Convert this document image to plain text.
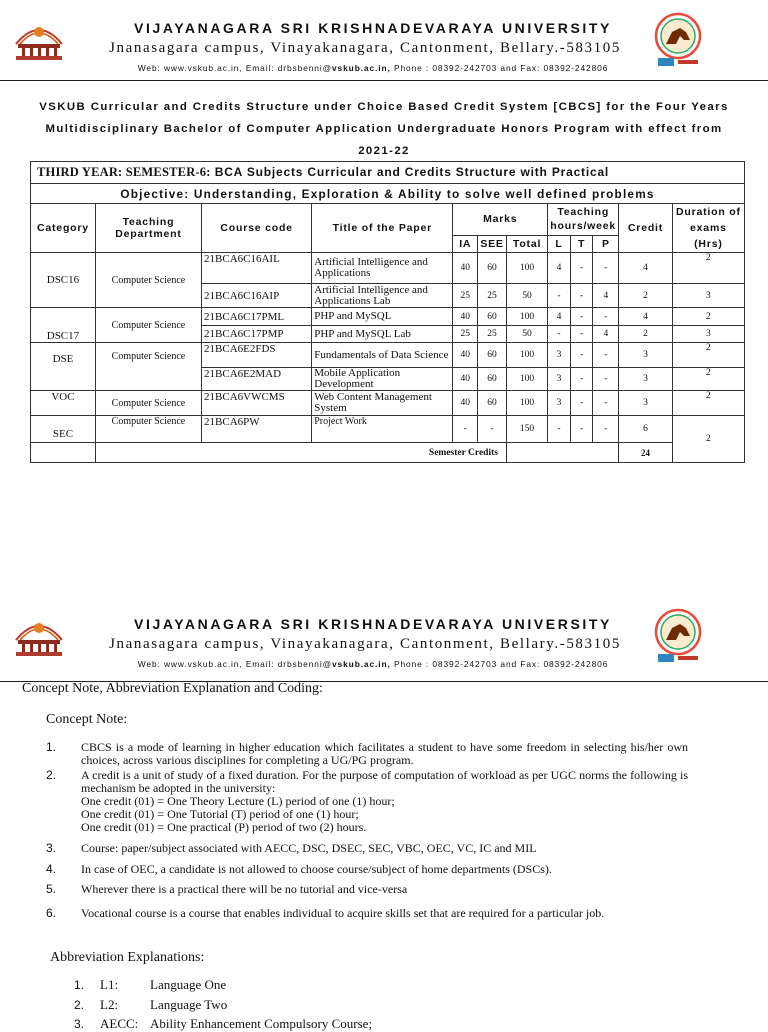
VIJAYANAGARA SRI KRISHNADEVARAYA UNIVERSITY
Jnanasagara campus, Vinayakanagara, Cantonment, Bellary.-583105
Web: www.vskub.ac.in, Email: drbsbenni@vskub.ac.in, Phone : 08392-242703 and Fax: 08392-242806
VSKUB Curricular and Credits Structure under Choice Based Credit System [CBCS] for the Four Years
Multidisciplinary Bachelor of Computer Application Undergraduate Honors Program with effect from
2021-22
THIRD YEAR: SEMESTER-6: BCA Subjects Curricular and Credits Structure with Practical											
Objective: Understanding, Exploration & Ability to solve well defined problems											
Category	Teaching Department	Course code	Title of the Paper	Marks			Teaching hours/week			Credit	Duration of exams (Hrs)
				IA	SEE	Total	L	T	P		
DSC16	Computer Science	21BCA6C16AIL	Artificial Intelligence and Applications	40	60	100	4	-	-	4	2
		21BCA6C16AIP	Artificial Intelligence and Applications Lab	25	25	50	-	-	4	2	3
DSC17	Computer Science	21BCA6C17PML	PHP and MySQL	40	60	100	4	-	-	4	2
		21BCA6C17PMP	PHP and MySQL Lab	25	25	50	-	-	4	2	3
DSE	Computer Science	21BCA6E2FDS	Fundamentals of Data Science	40	60	100	3	-	-	3	2
		21BCA6E2MAD	Mobile Application Development	40	60	100	3	-	-	3	2
VOC	Computer Science	21BCA6VWCMS	Web Content Management System	40	60	100	3	-	-	3	2
SEC	Computer Science	21BCA6PW	Project Work	-	-	150	-	-	-	6	2
	Semester Credits									24	
VIJAYANAGARA SRI KRISHNADEVARAYA UNIVERSITY
Jnanasagara campus, Vinayakanagara, Cantonment, Bellary.-583105
Web: www.vskub.ac.in, Email: drbsbenni@vskub.ac.in, Phone : 08392-242703 and Fax: 08392-242806
Concept Note, Abbreviation Explanation and Coding:
Concept Note:
1. CBCS is a mode of learning in higher education which facilitates a student to have some freedom in selecting his/her own choices, across various disciplines for completing a UG/PG program.
2. A credit is a unit of study of a fixed duration. For the purpose of computation of workload as per UGC norms the following is mechanism be adopted in the university:
One credit (01) = One Theory Lecture (L) period of one (1) hour;
One credit (01) = One Tutorial (T) period of one (1) hour;
One credit (01) = One practical (P) period of two (2) hours.
3. Course: paper/subject associated with AECC, DSC, DSEC, SEC, VBC, OEC, VC, IC and MIL
4. In case of OEC, a candidate is not allowed to choose course/subject of home departments (DSCs).
5. Wherever there is a practical there will be no tutorial and vice-versa
6. Vocational course is a course that enables individual to acquire skills set that are required for a particular job.
Abbreviation Explanations:
1. L1: Language One
2. L2: Language Two
3. AECC: Ability Enhancement Compulsory Course;
